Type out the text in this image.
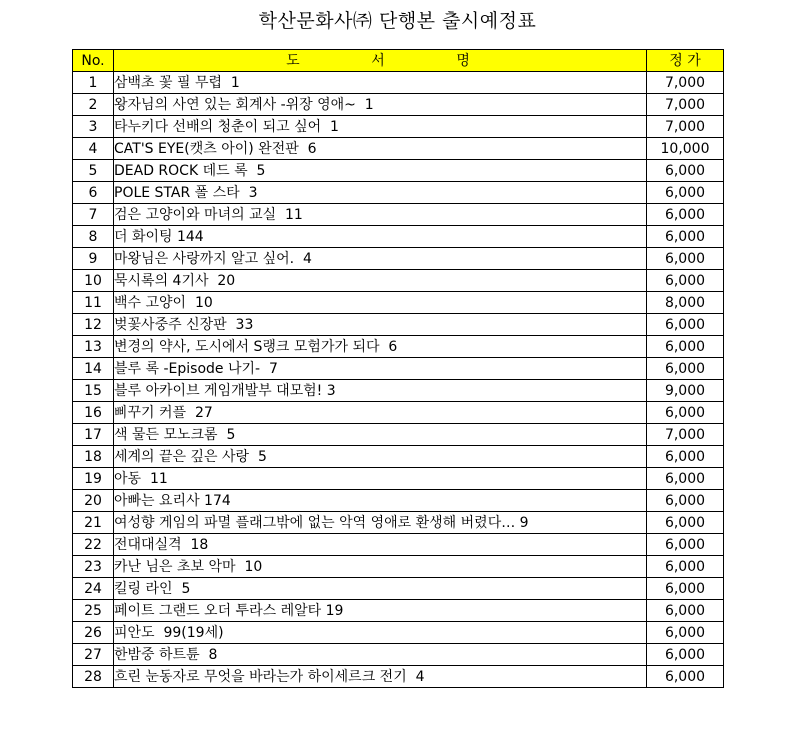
학산문화사㈜ 단행본 출시예정표
No.	도        서        명	정 가
1	삼백초 꽃 필 무렵  1	7,000
2	왕자님의 사연 있는 회계사 -위장 영애~  1	7,000
3	타누키다 선배의 청춘이 되고 싶어  1	7,000
4	CAT'S EYE(캣츠 아이) 완전판  6	10,000
5	DEAD ROCK 데드 록  5	6,000
6	POLE STAR 폴 스타  3	6,000
7	검은 고양이와 마녀의 교실  11	6,000
8	더 화이팅 144	6,000
9	마왕님은 사랑까지 알고 싶어.  4	6,000
10	묵시록의 4기사  20	6,000
11	백수 고양이  10	8,000
12	벚꽃사중주 신장판  33	6,000
13	변경의 약사, 도시에서 S랭크 모험가가 되다  6	6,000
14	블루 록 -Episode 나기-  7	6,000
15	블루 아카이브 게임개발부 대모험! 3	9,000
16	삐꾸기 커플  27	6,000
17	색 물든 모노크롬  5	7,000
18	세계의 끝은 깊은 사랑  5	6,000
19	아동  11	6,000
20	아빠는 요리사 174	6,000
21	여성향 게임의 파멸 플래그밖에 없는 악역 영애로 환생해 버렸다… 9	6,000
22	전대대실격  18	6,000
23	카난 님은 초보 악마  10	6,000
24	킬링 라인  5	6,000
25	페이트 그랜드 오더 투라스 레알타 19	6,000
26	피안도  99(19세)	6,000
27	한밤중 하트튠  8	6,000
28	흐린 눈동자로 무엇을 바라는가 하이세르크 전기  4	6,000
